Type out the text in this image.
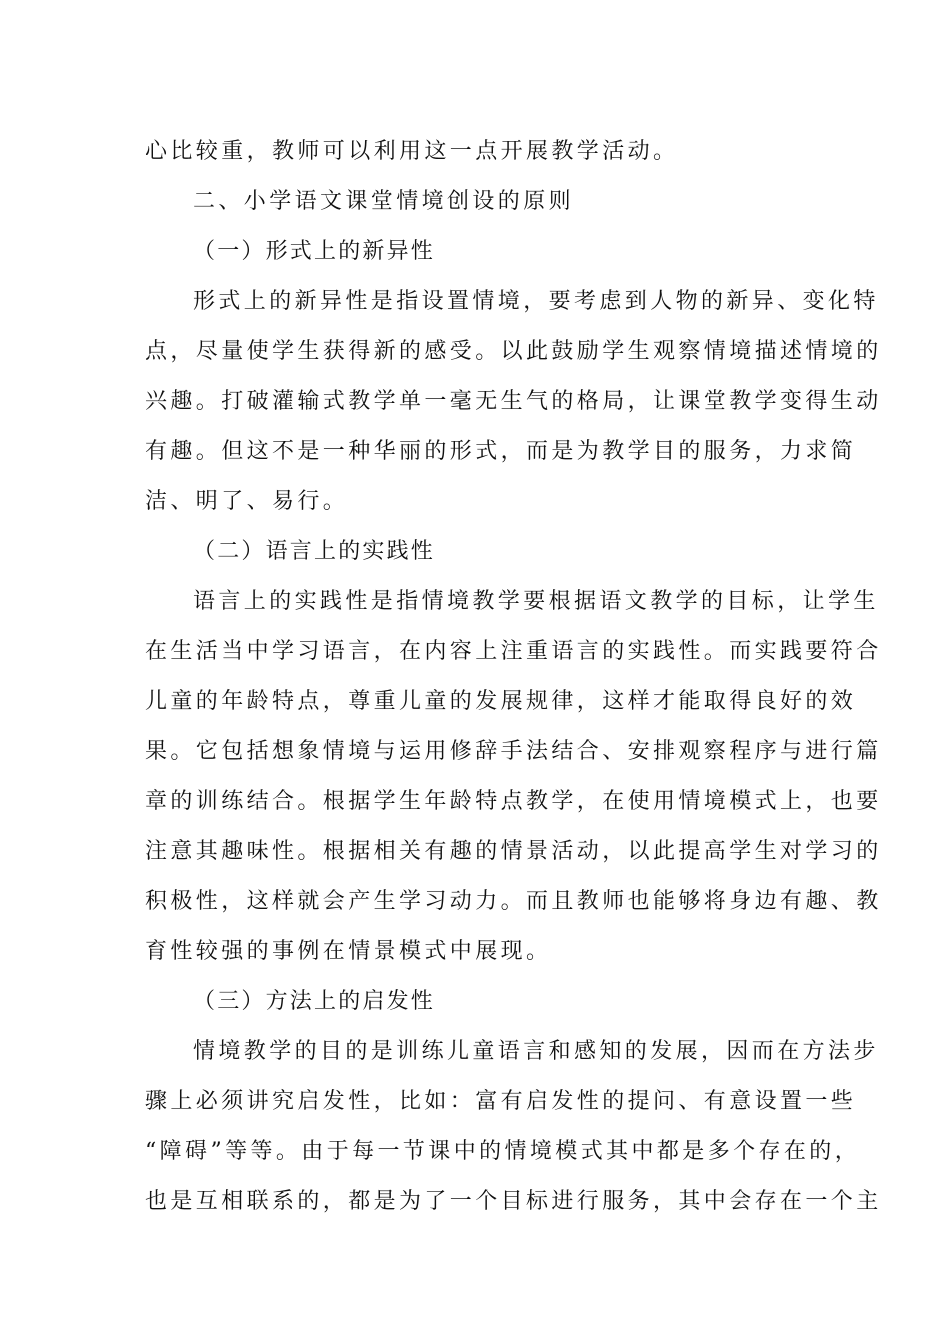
心比较重，教师可以利用这一点开展教学活动。

二、小学语文课堂情境创设的原则

（一）形式上的新异性

形式上的新异性是指设置情境，要考虑到人物的新异、变化特

点，尽量使学生获得新的感受。以此鼓励学生观察情境描述情境的

兴趣。打破灌输式教学单一毫无生气的格局，让课堂教学变得生动

有趣。但这不是一种华丽的形式，而是为教学目的服务，力求简

洁、明了、易行。

（二）语言上的实践性

语言上的实践性是指情境教学要根据语文教学的目标，让学生

在生活当中学习语言，在内容上注重语言的实践性。而实践要符合

儿童的年龄特点，尊重儿童的发展规律，这样才能取得良好的效

果。它包括想象情境与运用修辞手法结合、安排观察程序与进行篇

章的训练结合。根据学生年龄特点教学，在使用情境模式上，也要

注意其趣味性。根据相关有趣的情景活动，以此提高学生对学习的

积极性，这样就会产生学习动力。而且教师也能够将身边有趣、教

育性较强的事例在情景模式中展现。

（三）方法上的启发性

情境教学的目的是训练儿童语言和感知的发展，因而在方法步

骤上必须讲究启发性，比如：富有启发性的提问、有意设置一些

“障碍”等等。由于每一节课中的情境模式其中都是多个存在的，

也是互相联系的，都是为了一个目标进行服务，其中会存在一个主
